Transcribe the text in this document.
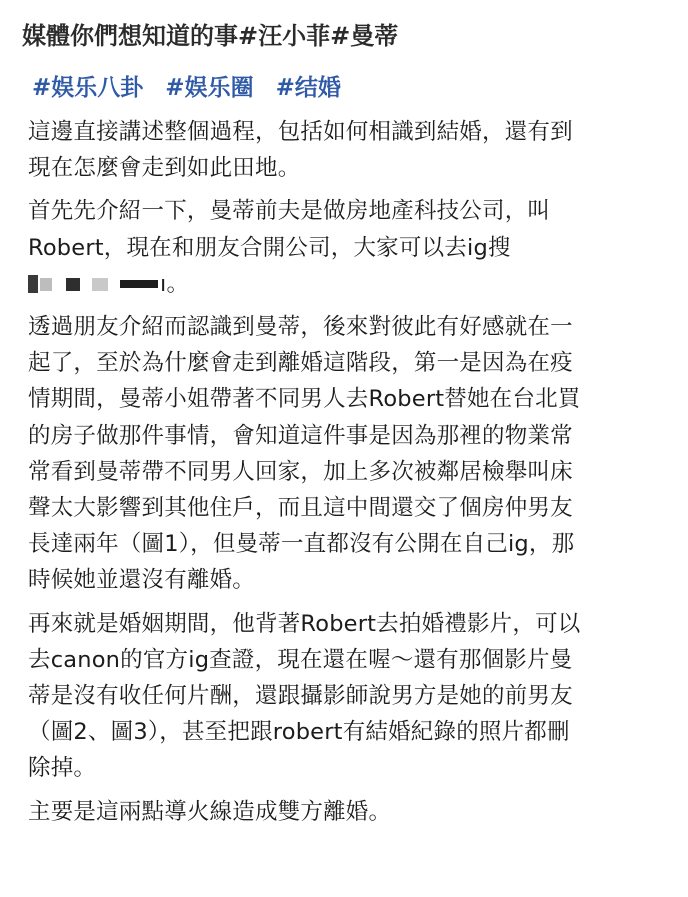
媒體你們想知道的事#汪小菲#曼蒂
#娱乐八卦 #娱乐圈 #结婚
這邊直接講述整個過程，包括如何相識到結婚，還有到
現在怎麼會走到如此田地。
首先先介紹一下，曼蒂前夫是做房地產科技公司，叫
Robert，現在和朋友合開公司，大家可以去ig搜
ı。
透過朋友介紹而認識到曼蒂，後來對彼此有好感就在一
起了，至於為什麼會走到離婚這階段，第一是因為在疫
情期間，曼蒂小姐帶著不同男人去Robert替她在台北買
的房子做那件事情，會知道這件事是因為那裡的物業常
常看到曼蒂帶不同男人回家，加上多次被鄰居檢舉叫床
聲太大影響到其他住戶，而且這中間還交了個房仲男友
長達兩年（圖1），但曼蒂一直都沒有公開在自己ig，那
時候她並還沒有離婚。
再來就是婚姻期間，他背著Robert去拍婚禮影片，可以
去canon的官方ig查證，現在還在喔～還有那個影片曼
蒂是沒有收任何片酬，還跟攝影師說男方是她的前男友
（圖2、圖3），甚至把跟robert有結婚紀錄的照片都刪
除掉。
主要是這兩點導火線造成雙方離婚。
